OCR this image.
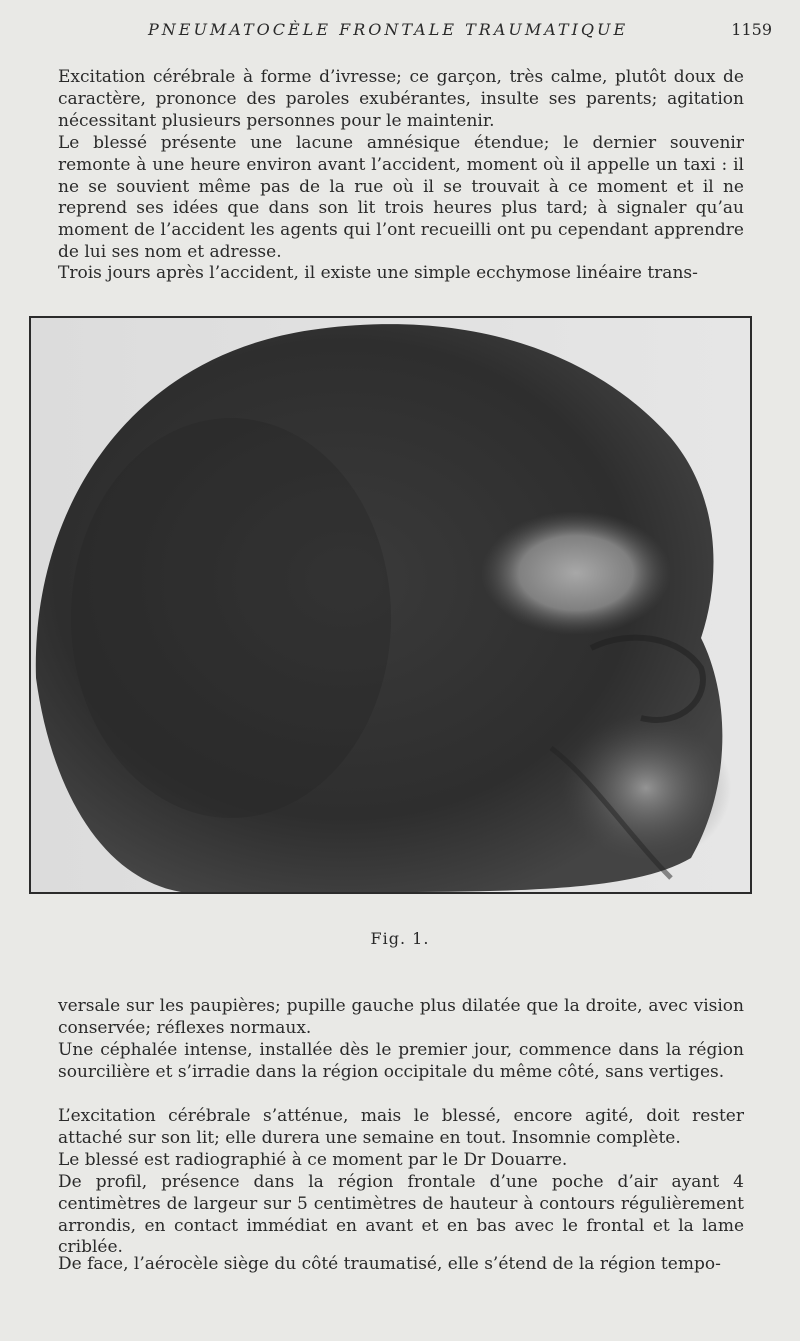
PNEUMATOCÈLE FRONTALE TRAUMATIQUE	1159

Excitation cérébrale à forme d’ivresse; ce garçon, très calme, plutôt doux de caractère, prononce des paroles exubérantes, insulte ses parents; agitation nécessitant plusieurs personnes pour le maintenir.

Le blessé présente une lacune amnésique étendue; le dernier souvenir remonte à une heure environ avant l’accident, moment où il appelle un taxi : il ne se souvient même pas de la rue où il se trouvait à ce moment et il ne reprend ses idées que dans son lit trois heures plus tard; à signaler qu’au moment de l’accident les agents qui l’ont recueilli ont pu cependant apprendre de lui ses nom et adresse.

Trois jours après l’accident, il existe une simple ecchymose linéaire trans-

Fig. 1.

versale sur les paupières; pupille gauche plus dilatée que la droite, avec vision conservée; réflexes normaux.

Une céphalée intense, installée dès le premier jour, commence dans la région sourcilière et s’irradie dans la région occipitale du même côté, sans vertiges.

L’excitation cérébrale s’atténue, mais le blessé, encore agité, doit rester attaché sur son lit; elle durera une semaine en tout. Insomnie complète.

Le blessé est radiographié à ce moment par le Dr Douarre.

De profil, présence dans la région frontale d’une poche d’air ayant 4 centimètres de largeur sur 5 centimètres de hauteur à contours régulièrement arrondis, en contact immédiat en avant et en bas avec le frontal et la lame criblée.

De face, l’aérocèle siège du côté traumatisé, elle s’étend de la région tempo-
